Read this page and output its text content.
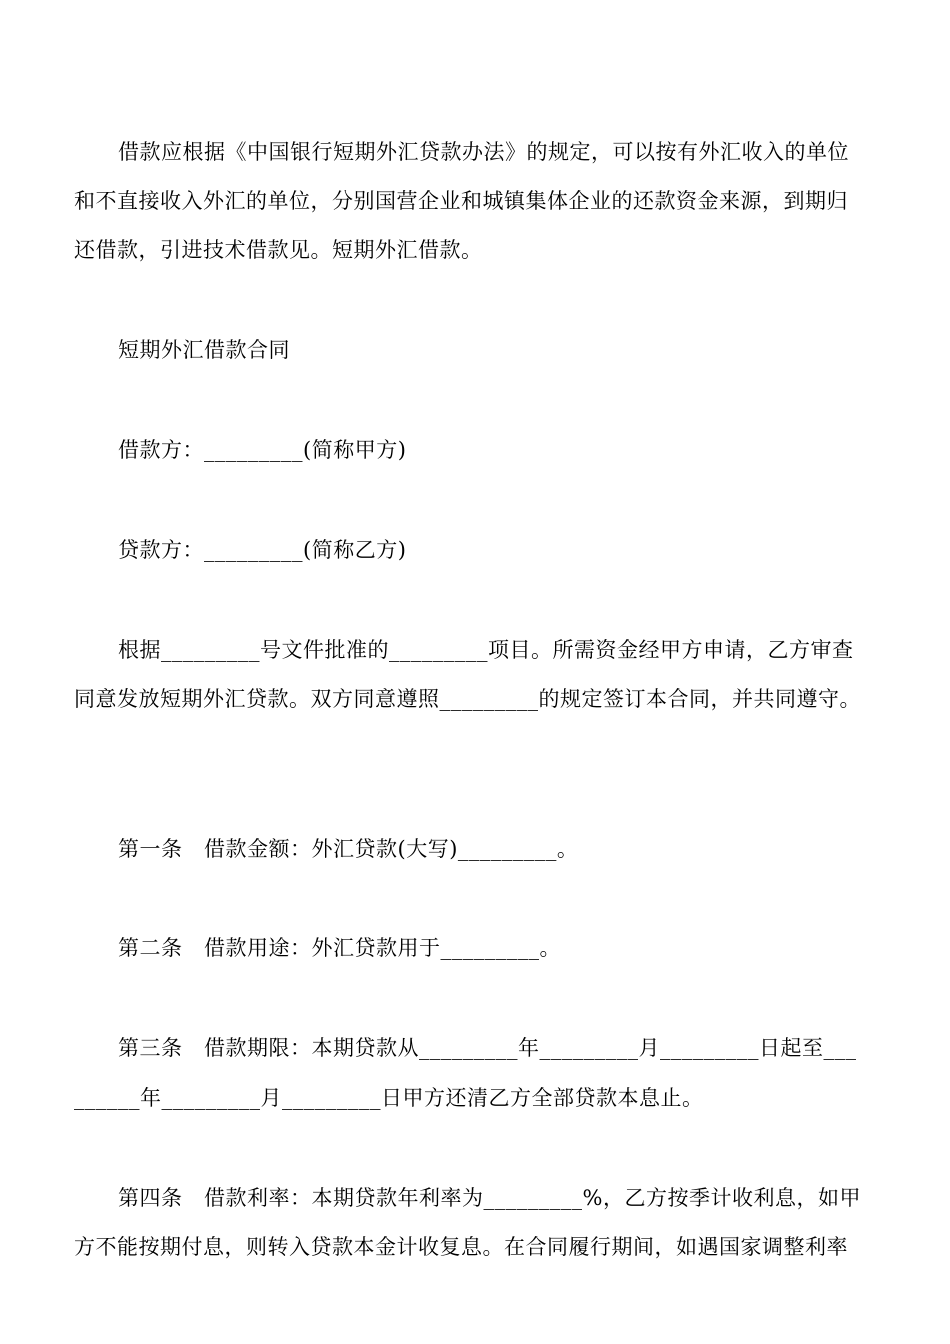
借款应根据《中国银行短期外汇贷款办法》的规定，可以按有外汇收入的单位

和不直接收入外汇的单位，分别国营企业和城镇集体企业的还款资金来源，到期归

还借款，引进技术借款见。短期外汇借款。

短期外汇借款合同

借款方：_________(简称甲方)

贷款方：_________(简称乙方)

根据_________号文件批准的_________项目。所需资金经甲方申请，乙方审查

同意发放短期外汇贷款。双方同意遵照_________的规定签订本合同，并共同遵守。

第一条　借款金额：外汇贷款(大写)_________。

第二条　借款用途：外汇贷款用于_________。

第三条　借款期限：本期贷款从_________年_________月_________日起至___

______年_________月_________日甲方还清乙方全部贷款本息止。

第四条　借款利率：本期贷款年利率为_________%，乙方按季计收利息，如甲

方不能按期付息，则转入贷款本金计收复息。在合同履行期间，如遇国家调整利率
